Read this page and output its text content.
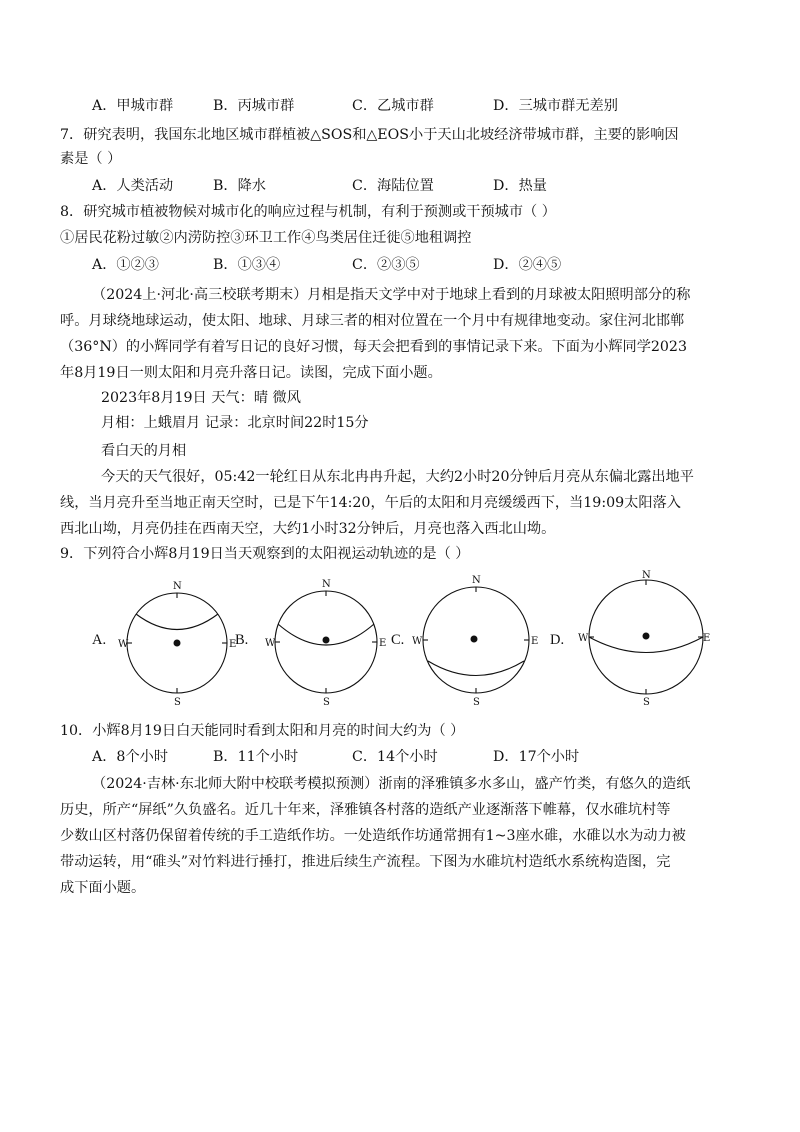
A．甲城市群	B．丙城市群	C．乙城市群	D．三城市群无差别
7．研究表明，我国东北地区城市群植被△SOS和△EOS小于天山北坡经济带城市群，主要的影响因
素是（ ）
A．人类活动	B．降水	C．海陆位置	D．热量
8．研究城市植被物候对城市化的响应过程与机制，有利于预测或干预城市（ ）
①居民花粉过敏②内涝防控③环卫工作④鸟类居住迁徙⑤地租调控
A．①②③	B．①③④	C．②③⑤	D．②④⑤
（2024上·河北·高三校联考期末）月相是指天文学中对于地球上看到的月球被太阳照明部分的称
呼。月球绕地球运动，使太阳、地球、月球三者的相对位置在一个月中有规律地变动。家住河北邯郸
（36°N）的小辉同学有着写日记的良好习惯，每天会把看到的事情记录下来。下面为小辉同学2023
年8月19日一则太阳和月亮升落日记。读图，完成下面小题。
2023年8月19日 天气：晴 微风
月相：上蛾眉月 记录：北京时间22时15分
看白天的月相
今天的天气很好，05:42一轮红日从东北冉冉升起，大约2小时20分钟后月亮从东偏北露出地平
线，当月亮升至当地正南天空时，已是下午14:20，午后的太阳和月亮缓缓西下，当19:09太阳落入
西北山坳，月亮仍挂在西南天空，大约1小时32分钟后，月亮也落入西北山坳。
9．下列符合小辉8月19日当天观察到的太阳视运动轨迹的是（ ）
A.	B.	C.	D.
N
S
W	E
N
S
W	E
N
S
W	E
N
S
W	E
10．小辉8月19日白天能同时看到太阳和月亮的时间大约为（ ）
A．8个小时	B．11个小时	C．14个小时	D．17个小时
（2024·吉林·东北师大附中校联考模拟预测）浙南的泽雅镇多水多山，盛产竹类，有悠久的造纸
历史，所产“屏纸”久负盛名。近几十年来，泽雅镇各村落的造纸产业逐渐落下帷幕，仅水碓坑村等
少数山区村落仍保留着传统的手工造纸作坊。一处造纸作坊通常拥有1~3座水碓，水碓以水为动力被
带动运转，用“碓头”对竹料进行捶打，推进后续生产流程。下图为水碓坑村造纸水系统构造图，完
成下面小题。
